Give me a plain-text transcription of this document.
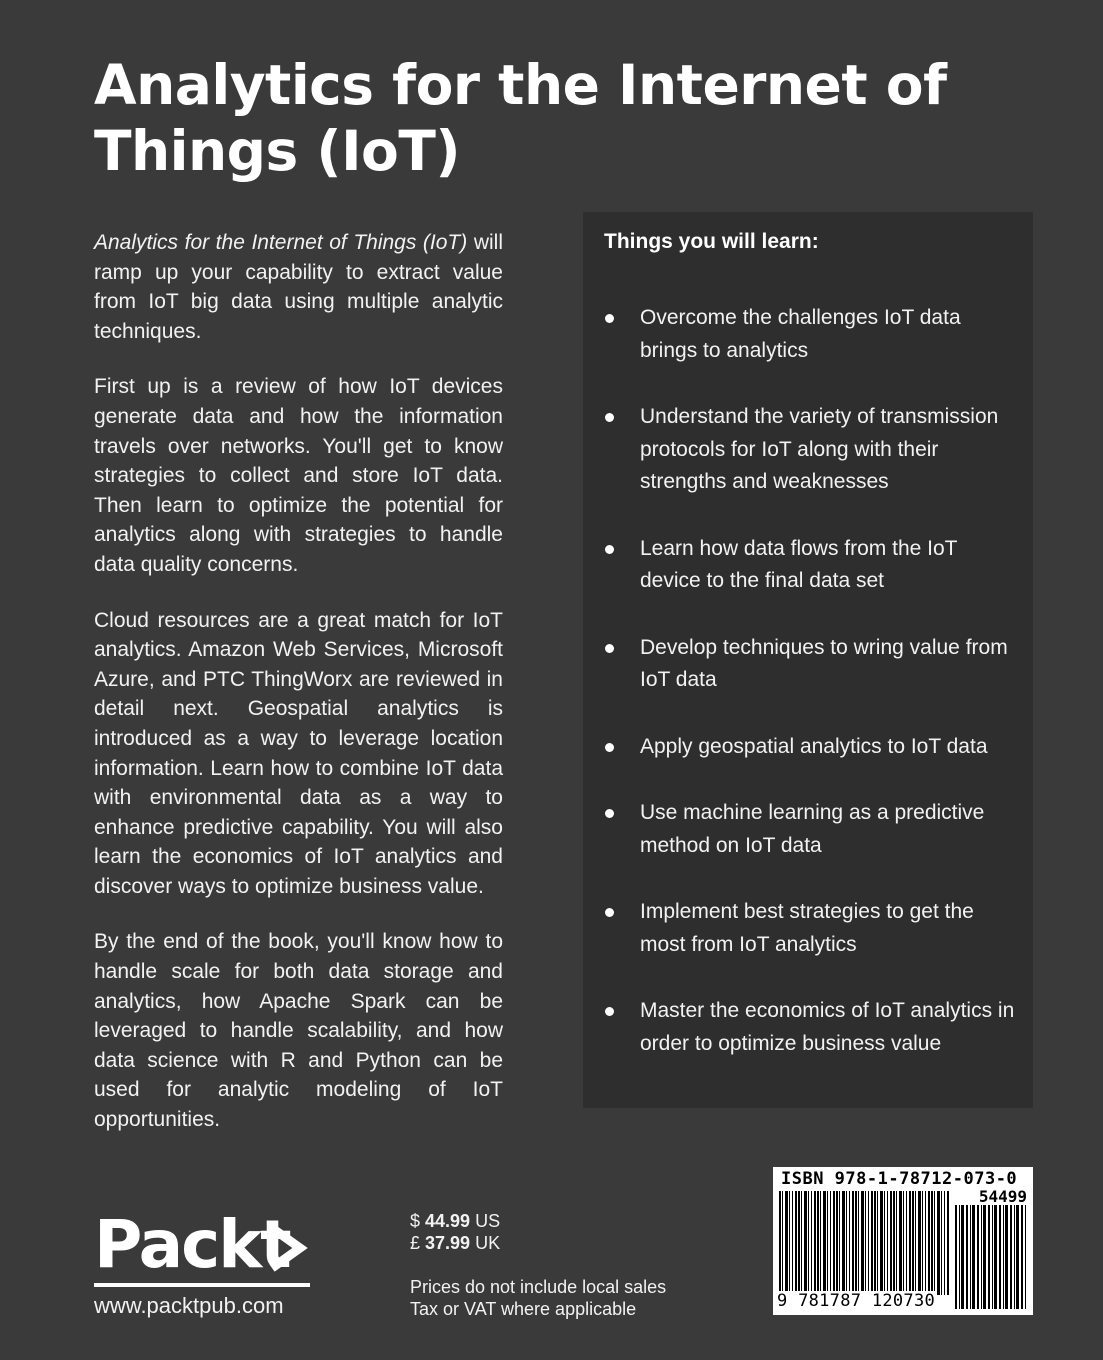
Analytics for the Internet of Things (IoT)

Analytics for the Internet of Things (IoT) will ramp up your capability to extract value from IoT big data using multiple analytic techniques.

First up is a review of how IoT devices generate data and how the information travels over networks. You'll get to know strategies to collect and store IoT data. Then learn to optimize the potential for analytics along with strategies to handle data quality concerns.

Cloud resources are a great match for IoT analytics. Amazon Web Services, Microsoft Azure, and PTC ThingWorx are reviewed in detail next. Geospatial analytics is introduced as a way to leverage location information. Learn how to combine IoT data with environmental data as a way to enhance predictive capability. You will also learn the economics of IoT analytics and discover ways to optimize business value.

By the end of the book, you'll know how to handle scale for both data storage and analytics, how Apache Spark can be leveraged to handle scalability, and how data science with R and Python can be used for analytic modeling of IoT opportunities.

Things you will learn:
Overcome the challenges IoT data brings to analytics
Understand the variety of transmission protocols for IoT along with their strengths and weaknesses
Learn how data flows from the IoT device to the final data set
Develop techniques to wring value from IoT data
Apply geospatial analytics to IoT data
Use machine learning as a predictive method on IoT data
Implement best strategies to get the most from IoT analytics
Master the economics of IoT analytics in order to optimize business value
Packt
www.packtpub.com
$ 44.99 US
£ 37.99 UK
Prices do not include local sales
Tax or VAT where applicable
ISBN 978-1-78712-073-0
54499
9 781787 120730
